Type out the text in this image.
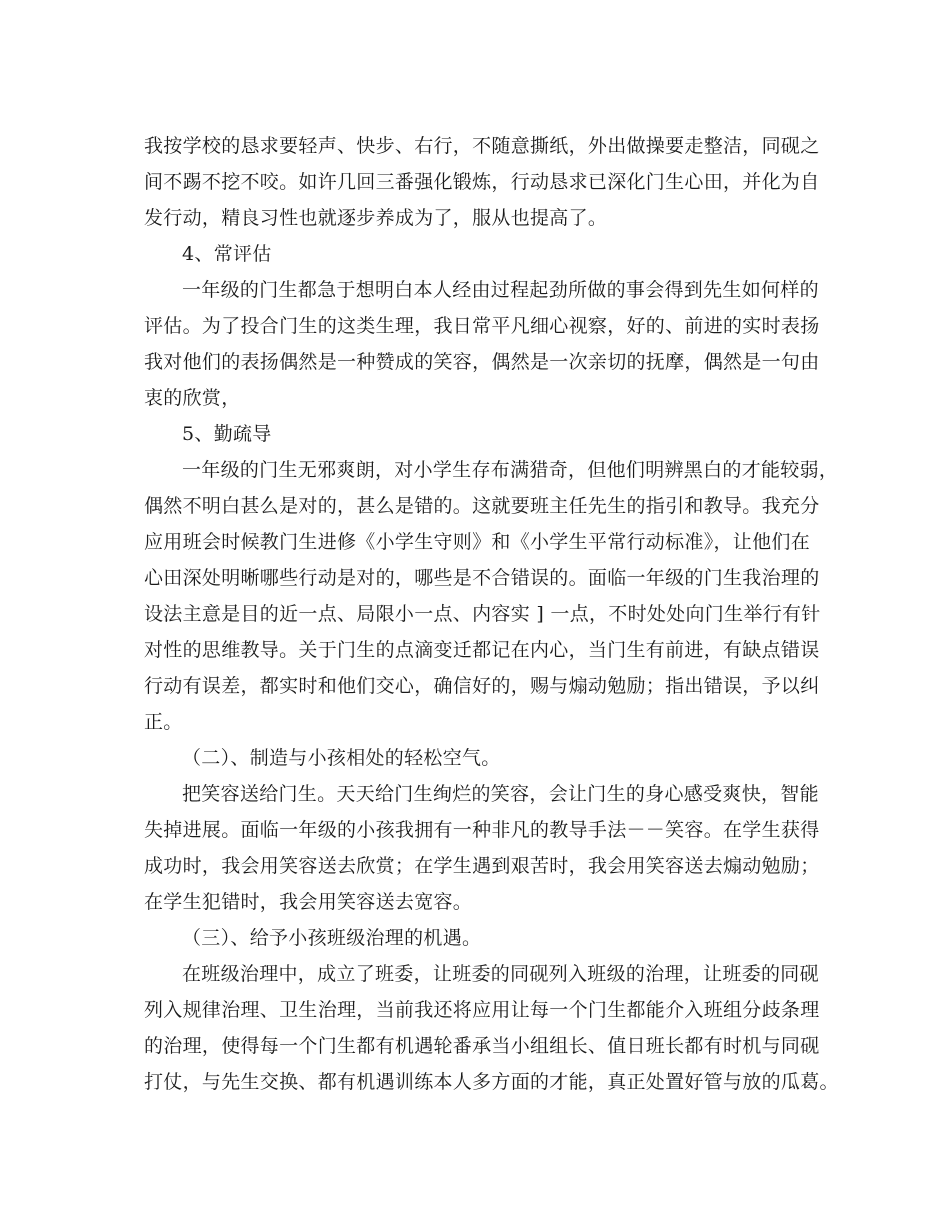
我按学校的恳求要轻声、快步、右行，不随意撕纸，外出做操要走整洁，同砚之
间不踢不挖不咬。如许几回三番强化锻炼，行动恳求已深化门生心田，并化为自
发行动，精良习性也就逐步养成为了，服从也提高了。
4、常评估
一年级的门生都急于想明白本人经由过程起劲所做的事会得到先生如何样的
评估。为了投合门生的这类生理，我日常平凡细心视察，好的、前进的实时表扬
我对他们的表扬偶然是一种赞成的笑容，偶然是一次亲切的抚摩，偶然是一句由
衷的欣赏，
5、勤疏导
一年级的门生无邪爽朗，对小学生存布满猎奇，但他们明辨黑白的才能较弱，
偶然不明白甚么是对的，甚么是错的。这就要班主任先生的指引和教导。我充分
应用班会时候教门生进修《小学生守则》和《小学生平常行动标准》，让他们在
心田深处明晰哪些行动是对的，哪些是不合错误的。面临一年级的门生我治理的
设法主意是目的近一点、局限小一点、内容实 ] 一点，不时处处向门生举行有针
对性的思维教导。关于门生的点滴变迁都记在内心，当门生有前进，有缺点错误
行动有误差，都实时和他们交心，确信好的，赐与煽动勉励；指出错误，予以纠
正。
（二）、制造与小孩相处的轻松空气。
把笑容送给门生。天天给门生绚烂的笑容，会让门生的身心感受爽快，智能
失掉进展。面临一年级的小孩我拥有一种非凡的教导手法－－笑容。在学生获得
成功时，我会用笑容送去欣赏；在学生遇到艰苦时，我会用笑容送去煽动勉励；
在学生犯错时，我会用笑容送去宽容。
（三）、给予小孩班级治理的机遇。
在班级治理中，成立了班委，让班委的同砚列入班级的治理，让班委的同砚
列入规律治理、卫生治理，当前我还将应用让每一个门生都能介入班组分歧条理
的治理，使得每一个门生都有机遇轮番承当小组组长、值日班长都有时机与同砚
打仗，与先生交换、都有机遇训练本人多方面的才能，真正处置好管与放的瓜葛。
